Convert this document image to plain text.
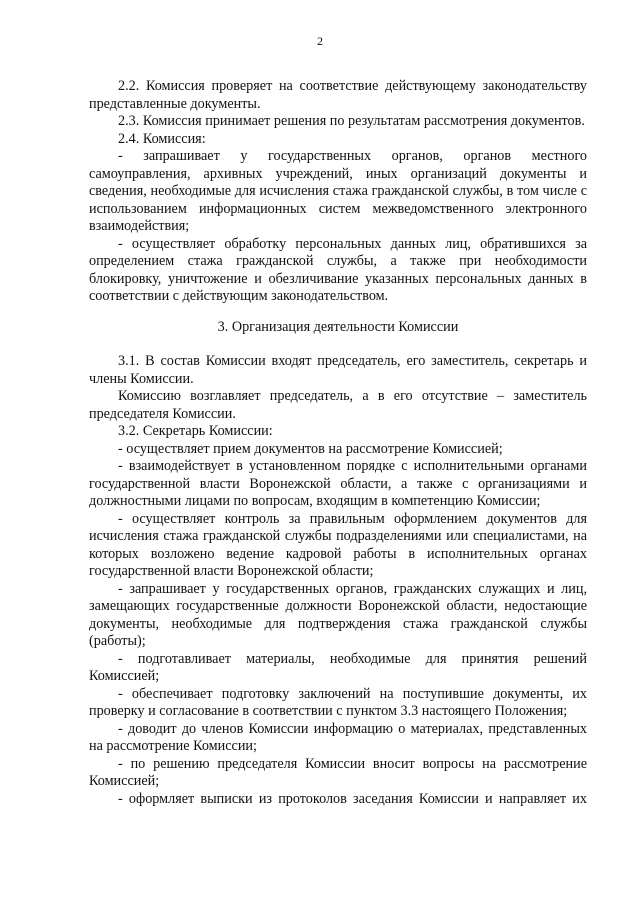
2

2.2. Комиссия проверяет на соответствие действующему законодательству представленные документы.

2.3. Комиссия принимает решения по результатам рассмотрения документов.

2.4. Комиссия:

- запрашивает у государственных органов, органов местного самоуправления, архивных учреждений, иных организаций документы и сведения, необходимые для исчисления стажа гражданской службы, в том числе с использованием информационных систем межведомственного электронного взаимодействия;

- осуществляет обработку персональных данных лиц, обратившихся за определением стажа гражданской службы, а также при необходимости блокировку, уничтожение и обезличивание указанных персональных данных в соответствии с действующим законодательством.

3. Организация деятельности Комиссии

3.1. В состав Комиссии входят председатель, его заместитель, секретарь и члены Комиссии.

Комиссию возглавляет председатель, а в его отсутствие – заместитель председателя Комиссии.

3.2. Секретарь Комиссии:

- осуществляет прием документов на рассмотрение Комиссией;

- взаимодействует в установленном порядке с исполнительными органами государственной власти Воронежской области, а также с организациями и должностными лицами по вопросам, входящим в компетенцию Комиссии;

- осуществляет контроль за правильным оформлением документов для исчисления стажа гражданской службы подразделениями или специалистами, на которых возложено ведение кадровой работы в исполнительных органах государственной власти Воронежской области;

- запрашивает у государственных органов, гражданских служащих и лиц, замещающих государственные должности Воронежской области, недостающие документы, необходимые для подтверждения стажа гражданской службы (работы);

- подготавливает материалы, необходимые для принятия решений Комиссией;

- обеспечивает подготовку заключений на поступившие документы, их проверку и согласование в соответствии с пунктом 3.3 настоящего Положения;

- доводит до членов Комиссии информацию о материалах, представленных на рассмотрение Комиссии;

- по решению председателя Комиссии вносит вопросы на рассмотрение Комиссией;

- оформляет выписки из протоколов заседания Комиссии и направляет их
